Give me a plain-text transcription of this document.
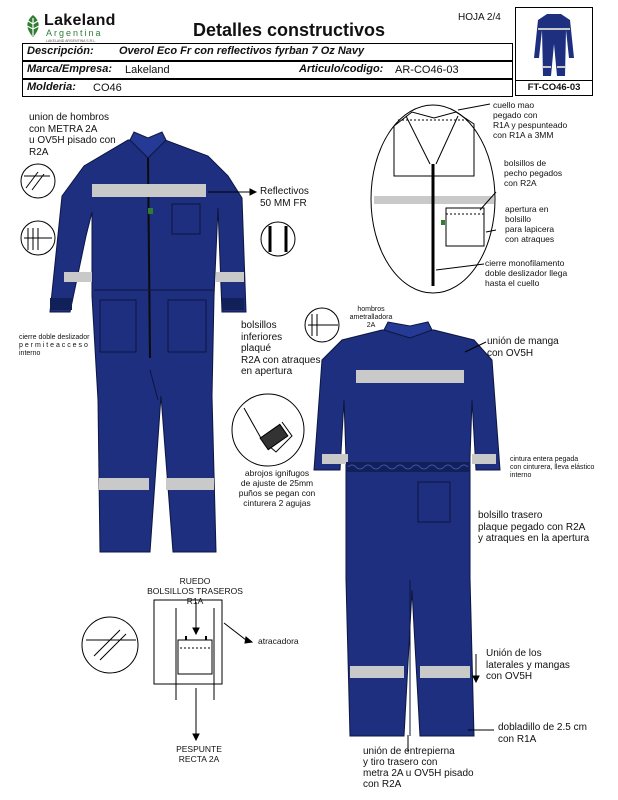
Lakeland
Argentina
LAKELAND ARGENTINA S.R.L.
Detalles constructivos
HOJA 2/4
Descripción: Overol Eco Fr con reflectivos fyrban 7 Oz Navy
Marca/Empresa: Lakeland	Articulo/codigo: AR-CO46-03
Molderia: CO46	FT-CO46-03
union de hombros
con METRA 2A
u OV5H pisado con
R2A
Reflectivos
50 MM FR
cierre doble deslizador
p e r m i t e a c c e s o
interno
bolsillos
inferiores
plaqué
R2A con atraques
en apertura
abrojos ignifugos
de ajuste de 25mm
puños se pegan con
cinturera 2 agujas
cuello mao
pegado con
R1A y pespunteado
con R1A a 3MM
bolsillos de
pecho pegados
con R2A
apertura en
bolsillo
para lapicera
con atraques
cierre monofilamento
doble deslizador llega
hasta el cuello
hombros
ametralladora
2A
unión de manga
con OV5H
cintura entera pegada
con cinturera, lleva elástico
interno
bolsillo trasero
plaque pegado con R2A
y atraques en la apertura
RUEDO
BOLSILLOS TRASEROS
R1A
atracadora
PESPUNTE
RECTA 2A
Unión de los
laterales y mangas
con OV5H
dobladillo de 2.5 cm
con R1A
unión de entrepierna
y tiro trasero con
metra 2A u OV5H pisado
con R2A
